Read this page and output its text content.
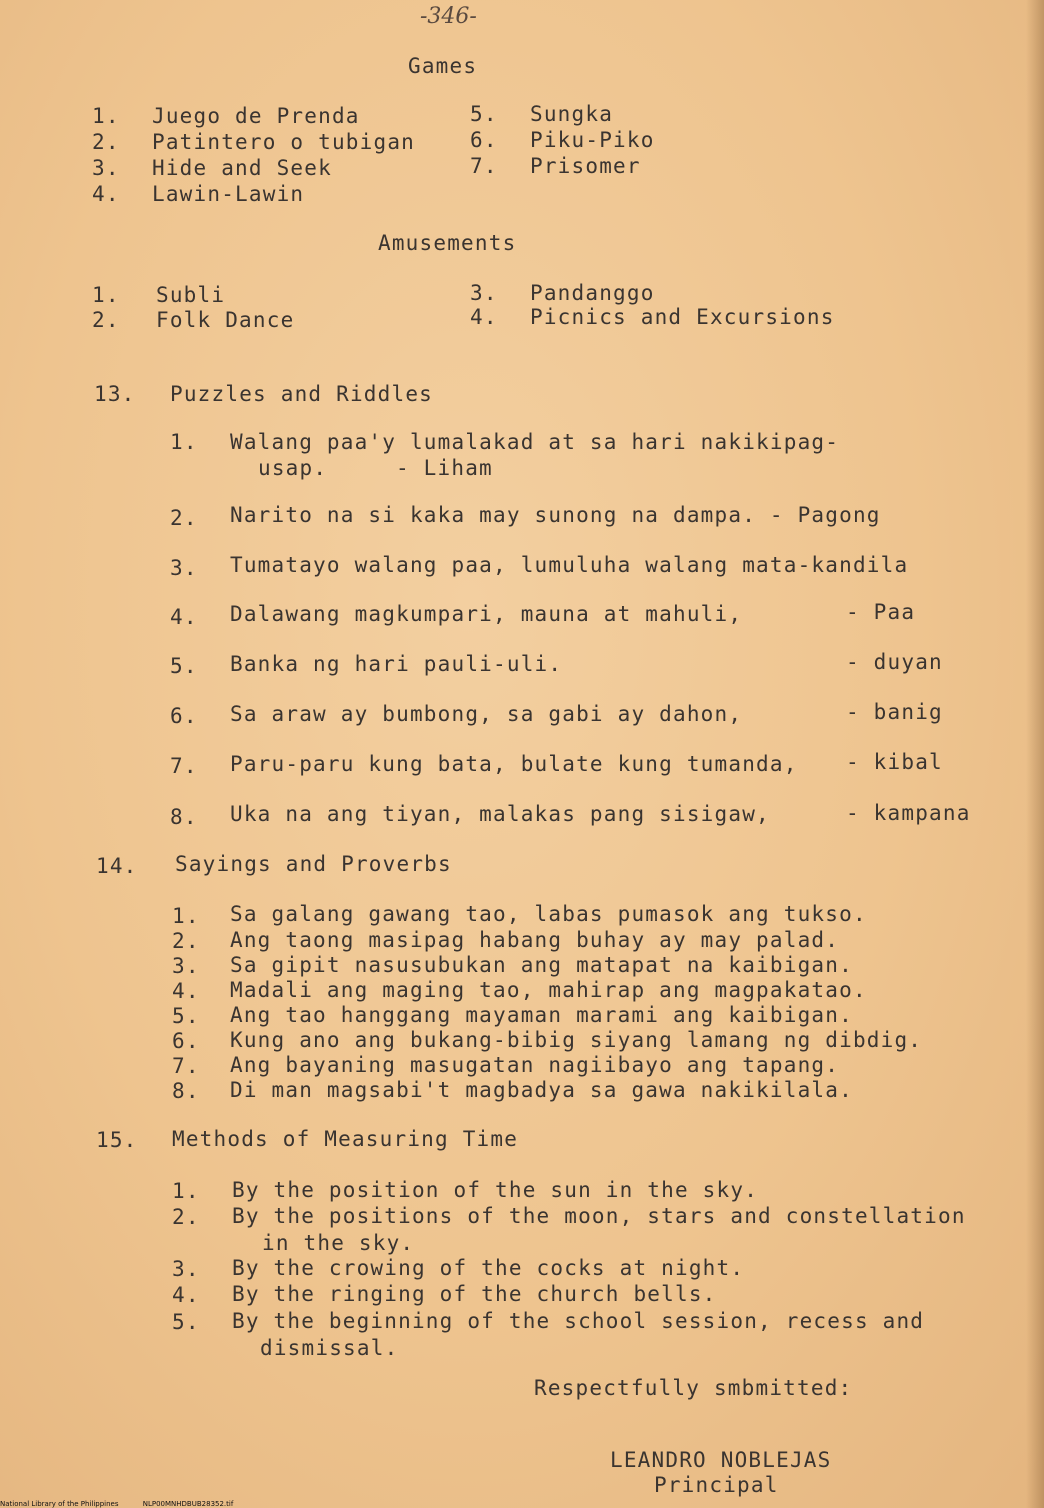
-346-
Games
1. Juego de Prenda
2. Patintero o tubigan
3. Hide and Seek
4. Lawin-Lawin
5. Sungka
6. Piku-Piko
7. Prisomer
Amusements
1. Subli
2. Folk Dance
3. Pandanggo
4. Picnics and Excursions
13. Puzzles and Riddles
1. Walang paa'y lumalakad at sa hari nakikipag-
usap.	- Liham
2. Narito na si kaka may sunong na dampa. - Pagong
3. Tumatayo walang paa, lumuluha walang mata-kandila
4. Dalawang magkumpari, mauna at mahuli,	- Paa
5. Banka ng hari pauli-uli.	- duyan
6. Sa araw ay bumbong, sa gabi ay dahon,	- banig
7. Paru-paru kung bata, bulate kung tumanda, - kibal
8. Uka na ang tiyan, malakas pang sisigaw,	- kampana
14. Sayings and Proverbs
1. Sa galang gawang tao, labas pumasok ang tukso.
2. Ang taong masipag habang buhay ay may palad.
3. Sa gipit nasusubukan ang matapat na kaibigan.
4. Madali ang maging tao, mahirap ang magpakatao.
5. Ang tao hanggang mayaman marami ang kaibigan.
6. Kung ano ang bukang-bibig siyang lamang ng dibdig.
7. Ang bayaning masugatan nagiibayo ang tapang.
8. Di man magsabi't magbadya sa gawa nakikilala.
15. Methods of Measuring Time
1. By the position of the sun in the sky.
2. By the positions of the moon, stars and constellation
in the sky.
3. By the crowing of the cocks at night.
4. By the ringing of the church bells.
5. By the beginning of the school session, recess and
dismissal.
Respectfully smbmitted:
LEANDRO NOBLEJAS
Principal
National Library of the Philippines	NLP00MNHDBUB28352.tif
